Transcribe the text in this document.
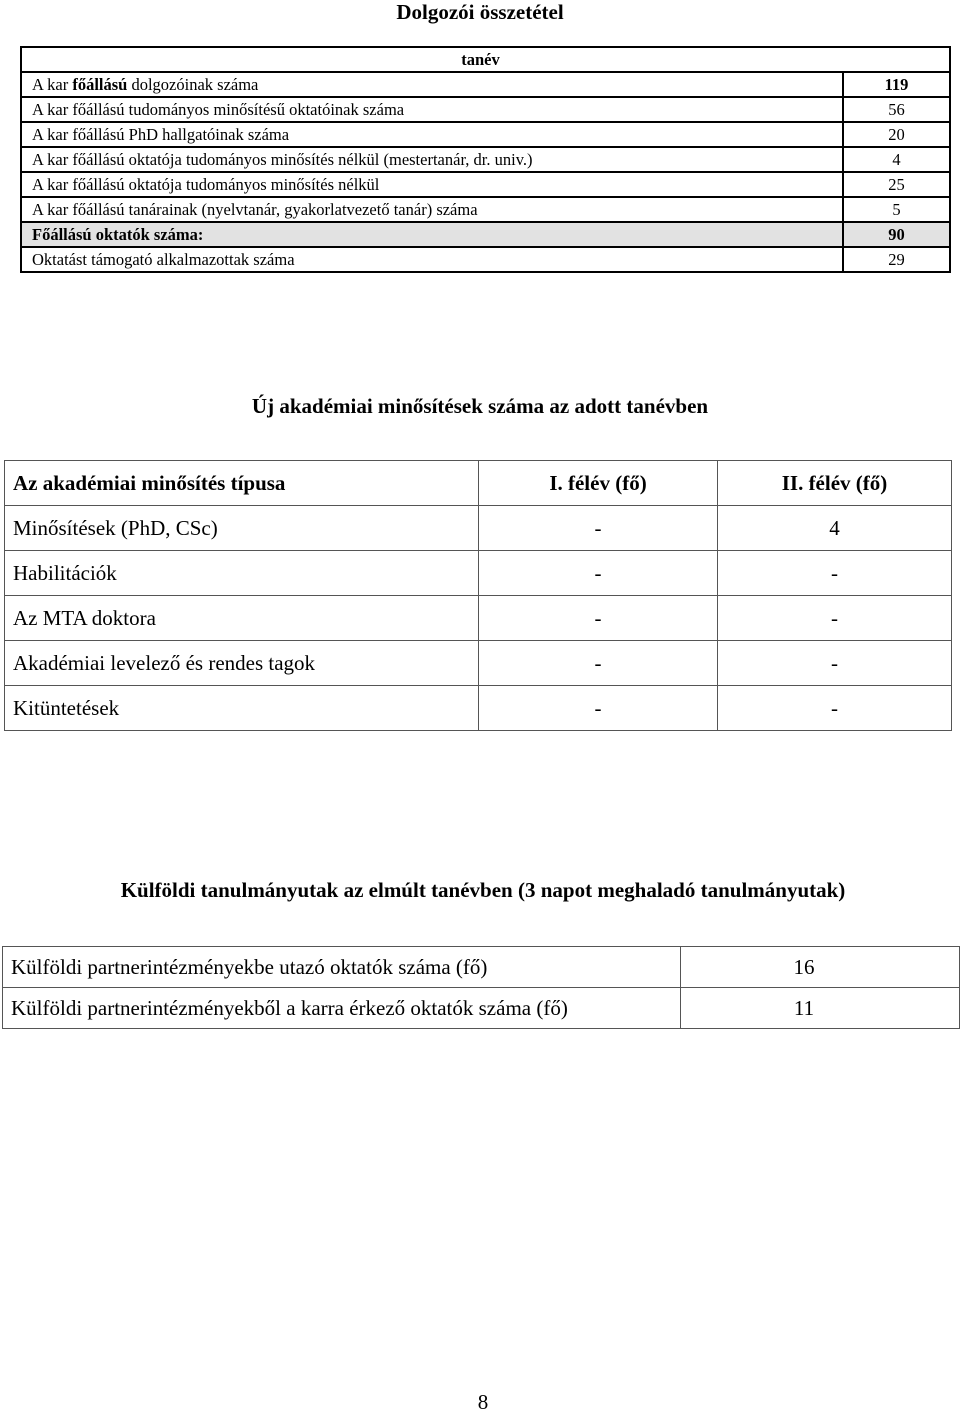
Dolgozói összetétel
tanév	
A kar főállású dolgozóinak száma	119
A kar főállású tudományos minősítésű oktatóinak száma	56
A kar főállású PhD hallgatóinak száma	20
A kar főállású oktatója tudományos minősítés nélkül (mestertanár, dr. univ.)	4
A kar főállású oktatója tudományos minősítés nélkül	25
A kar főállású tanárainak (nyelvtanár, gyakorlatvezető tanár) száma	5
Főállású oktatók száma:	90
Oktatást támogató alkalmazottak száma	29
Új akadémiai minősítések száma az adott tanévben
Az akadémiai minősítés típusa	I. félév (fő)	II. félév (fő)
Minősítések (PhD, CSc)	-	4
Habilitációk	-	-
Az MTA doktora	-	-
Akadémiai levelező és rendes tagok	-	-
Kitüntetések	-	-
Külföldi tanulmányutak az elmúlt tanévben (3 napot meghaladó tanulmányutak)
Külföldi partnerintézményekbe utazó oktatók száma (fő)	16
Külföldi partnerintézményekből a karra érkező oktatók száma (fő)	11
8
